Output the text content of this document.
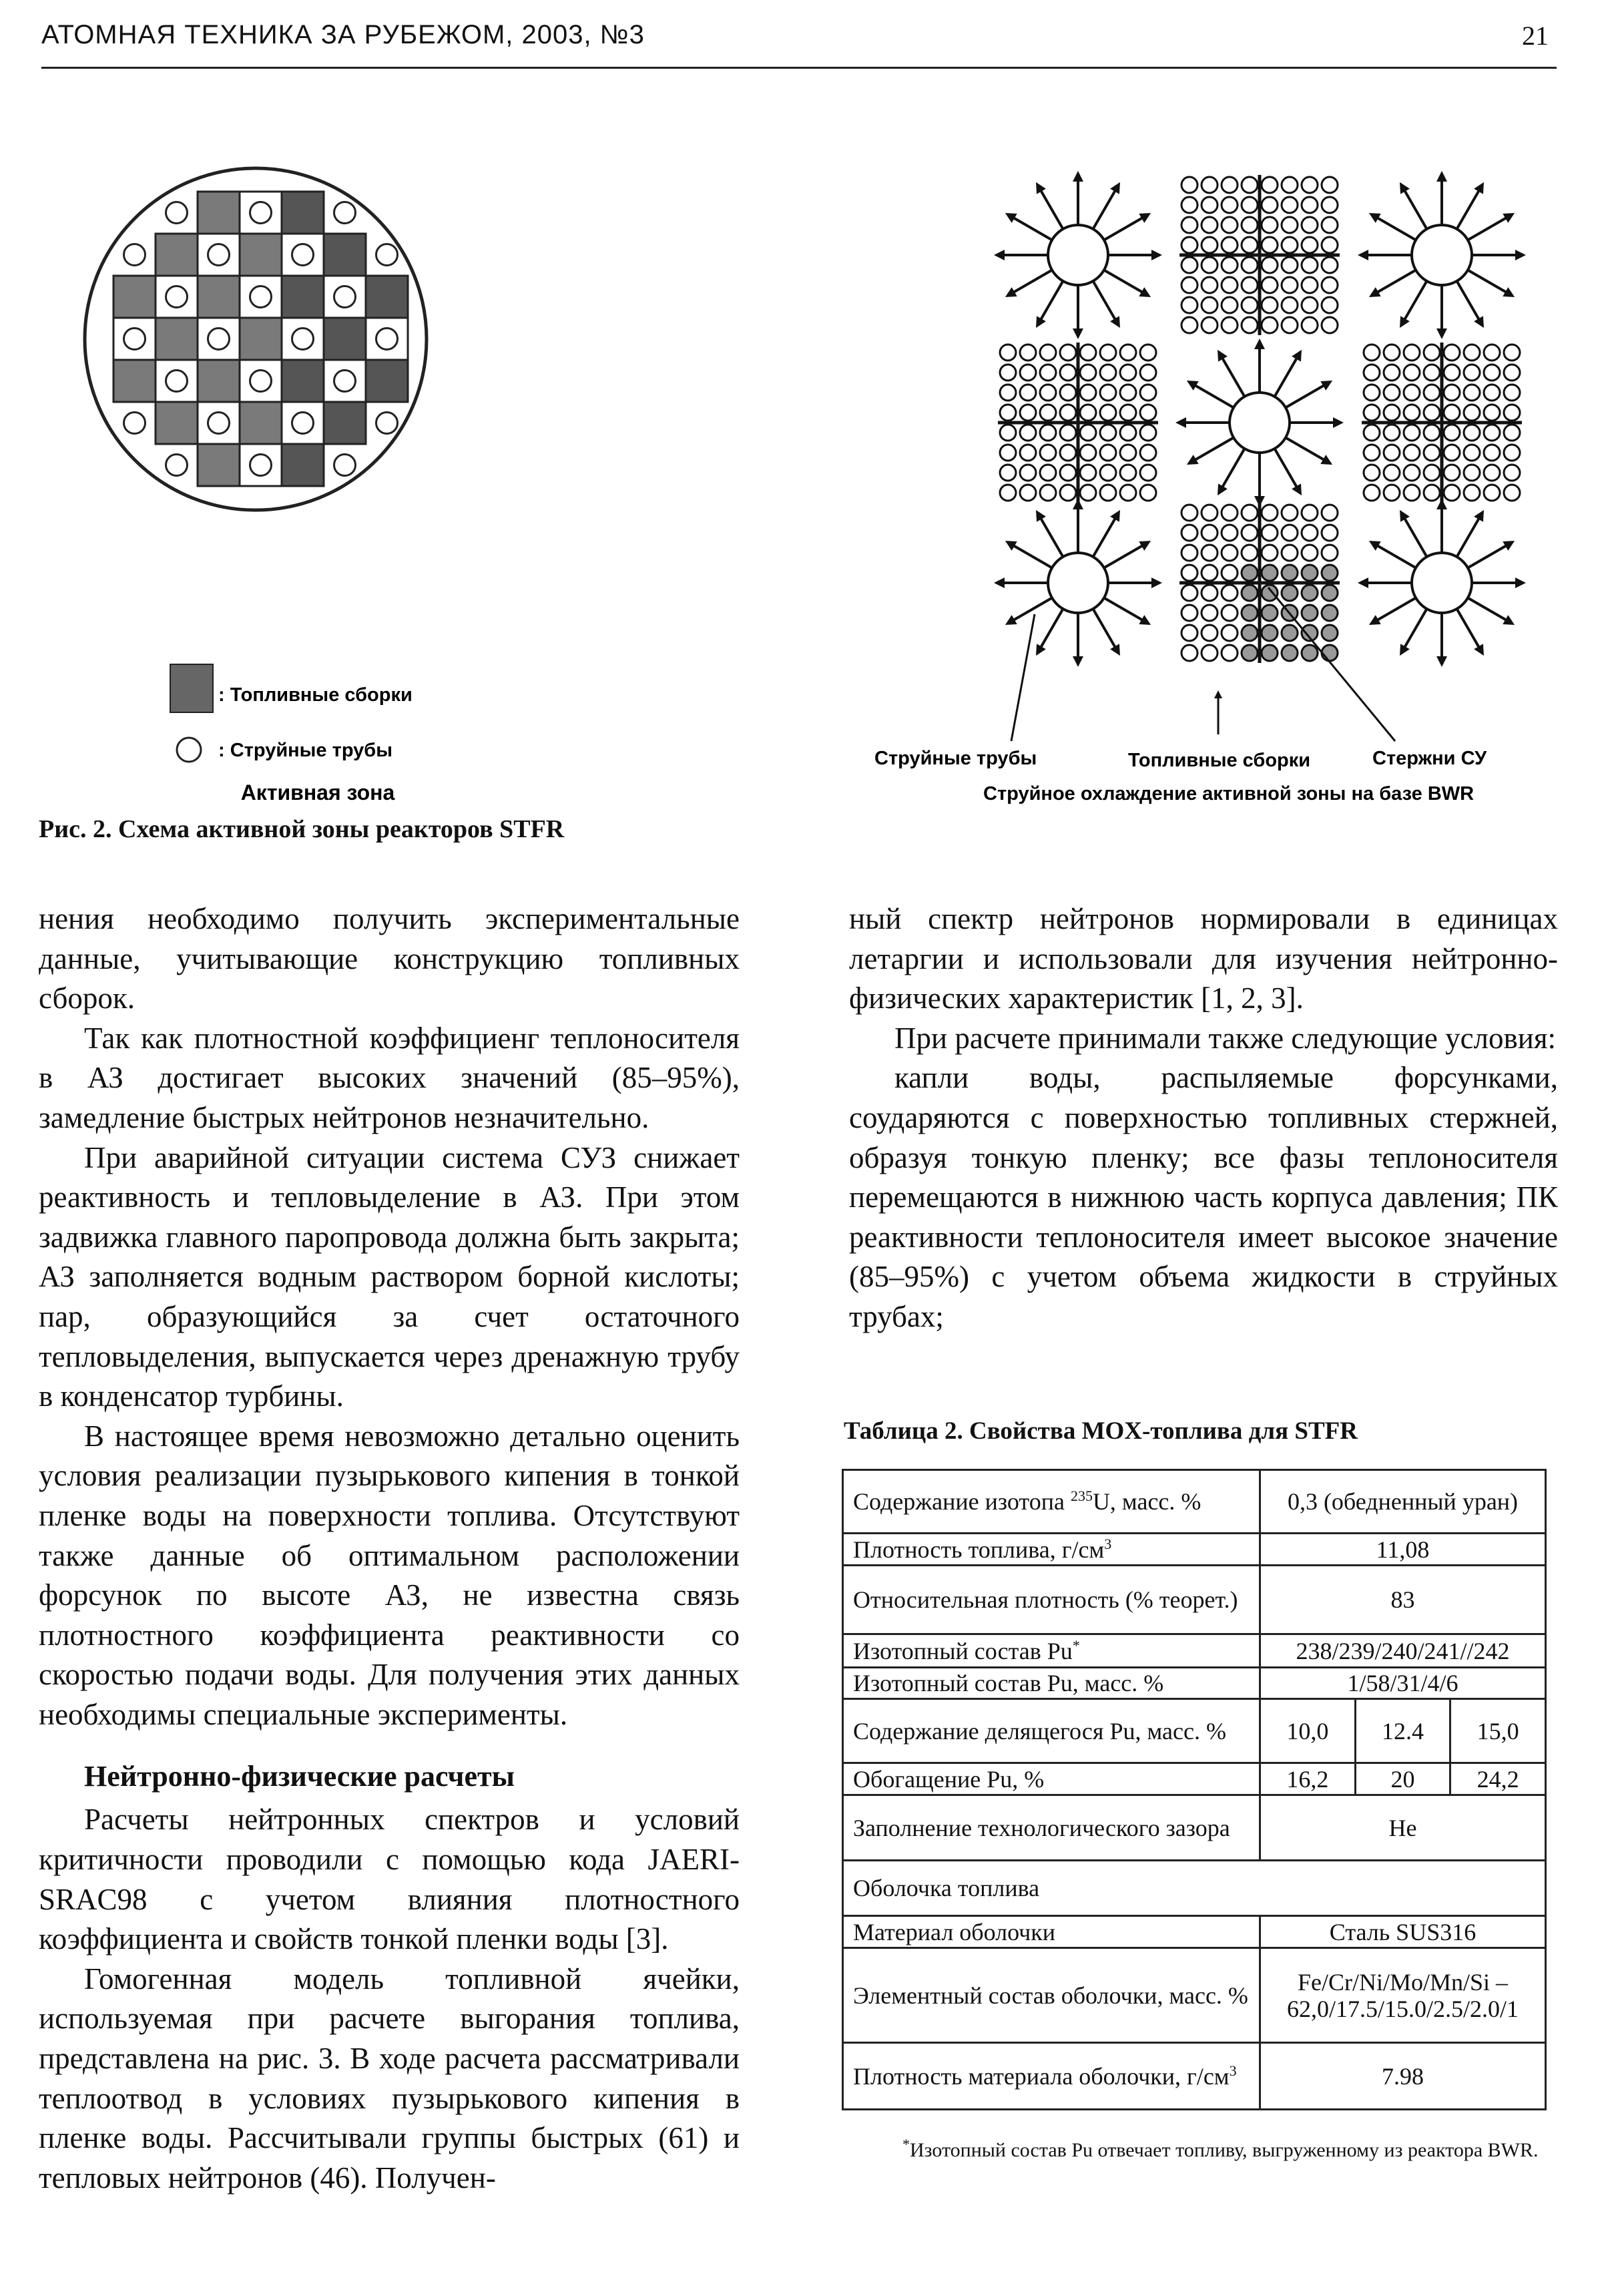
АТОМНАЯ ТЕХНИКА ЗА РУБЕЖОМ, 2003, №3	21
: Топливные сборки
: Струйные трубы
Активная зона
Струйные трубы	Топливные сборки	Стержни СУ
Струйное охлаждение активной зоны на базе BWR
Рис. 2. Схема активной зоны реакторов STFR

нения необходимо получить экспериментальные данные, учитывающие конструкцию топливных сборок.

Так как плотностной коэффициенг теплоносителя в АЗ достигает высоких значений (85–95%), замедление быстрых нейтронов незначительно.

При аварийной ситуации система СУЗ снижает реактивность и тепловыделение в АЗ. При этом задвижка главного паропровода должна быть закрыта; АЗ заполняется водным раствором борной кислоты; пар, образующийся за счет остаточного тепловыделения, выпускается через дренажную трубу в конденсатор турбины.

В настоящее время невозможно детально оценить условия реализации пузырькового кипения в тонкой пленке воды на поверхности топлива. Отсутствуют также данные об оптимальном расположении форсунок по высоте АЗ, не известна связь плотностного коэффициента реактивности со скоростью подачи воды. Для получения этих данных необходимы специальные эксперименты.

Нейтронно-физические расчеты

Расчеты нейтронных спектров и условий критичности проводили с помощью кода JAERI-SRAC98 с учетом влияния плотностного коэффициента и свойств тонкой пленки воды [3].

Гомогенная модель топливной ячейки, используемая при расчете выгорания топлива, представлена на рис. 3. В ходе расчета рассматривали теплоотвод в условиях пузырькового кипения в пленке воды. Рассчитывали группы быстрых (61) и тепловых нейтронов (46). Получен-

ный спектр нейтронов нормировали в единицах летаргии и использовали для изучения нейтронно-физических характеристик [1, 2, 3].

При расчете принимали также следующие условия:

капли воды, распыляемые форсунками, соударяются с поверхностью топливных стержней, образуя тонкую пленку; все фазы теплоносителя перемещаются в нижнюю часть корпуса давления; ПК реактивности теплоносителя имеет высокое значение (85–95%) с учетом объема жидкости в струйных трубах;

Таблица 2. Свойства MOX-топлива для STFR
Содержание изотопа $^{235}$U, масс. %	0,3 (обедненный уран)		
Плотность топлива, $г/см^3$	11,08		
Относительная плотность (% теорет.)	83		
Изотопный состав Pu*	238/239/240/241//242		
Изотопный состав Pu, масс. %	1/58/31/4/6		
Содержание делящегося Pu, масс. %	10,0	12.4	15,0
Обогащение Pu, %	16,2	20	24,2
Заполнение технологического зазора	He		
Оболочка топлива			
Материал оболочки	Сталь SUS316		
Элементный состав оболочки, масс. %	Fe/Cr/Ni/Mo/Mn/Si – 62,0/17.5/15.0/2.5/2.0/1		
Плотность материала оболочки, $г/см^3$	7.98		
*Изотопный состав Pu отвечает топливу, выгруженному из реактора BWR.
